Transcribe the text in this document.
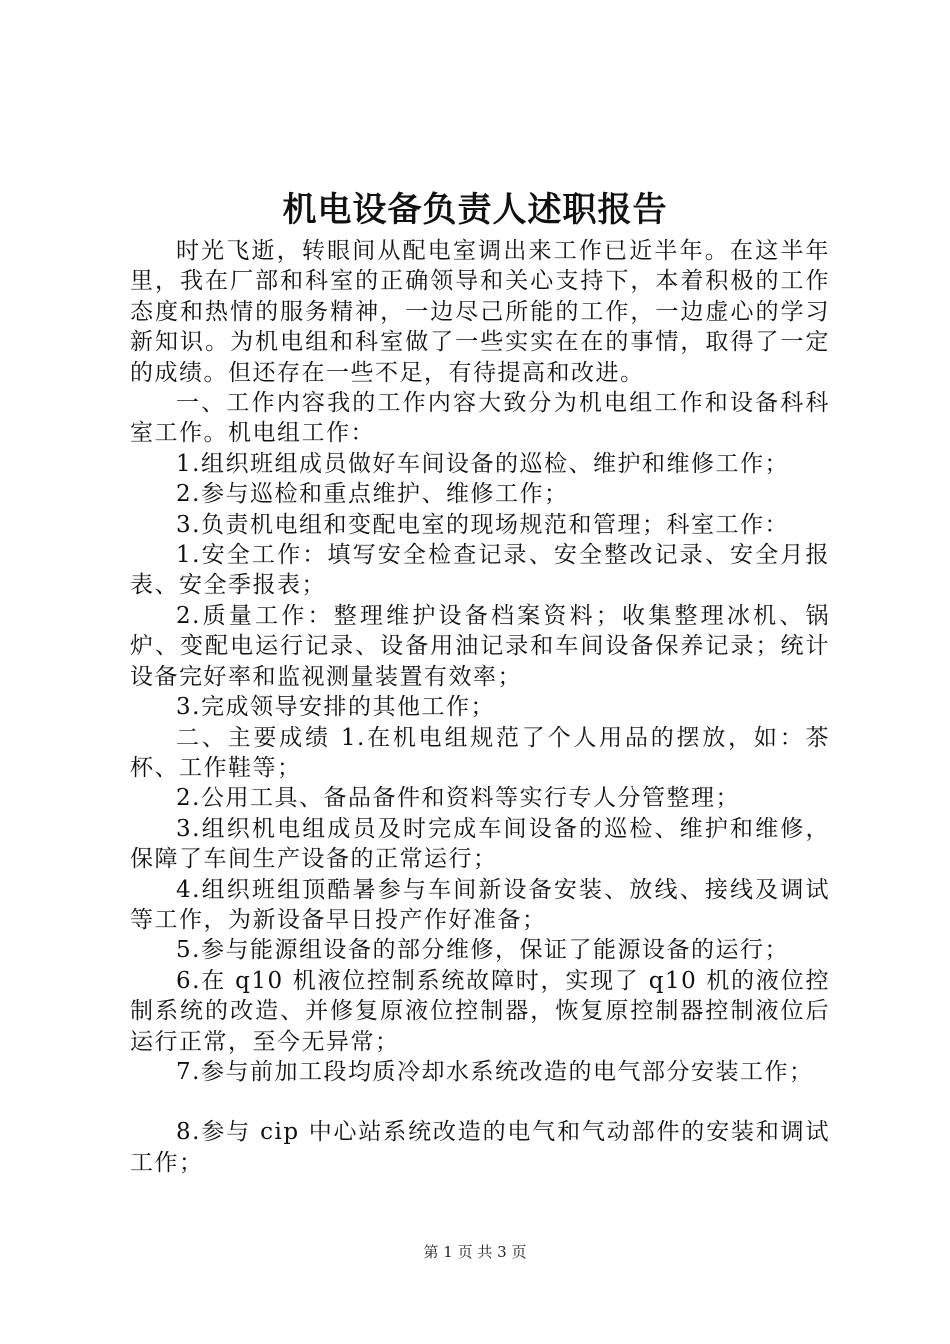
机电设备负责人述职报告

时光飞逝，转眼间从配电室调出来工作已近半年。在这半年里，我在厂部和科室的正确领导和关心支持下，本着积极的工作态度和热情的服务精神，一边尽己所能的工作，一边虚心的学习新知识。为机电组和科室做了一些实实在在的事情，取得了一定的成绩。但还存在一些不足，有待提高和改进。

一、工作内容我的工作内容大致分为机电组工作和设备科科室工作。机电组工作：

1.组织班组成员做好车间设备的巡检、维护和维修工作；

2.参与巡检和重点维护、维修工作；

3.负责机电组和变配电室的现场规范和管理；科室工作：

1.安全工作：填写安全检查记录、安全整改记录、安全月报表、安全季报表；

2.质量工作：整理维护设备档案资料；收集整理冰机、锅炉、变配电运行记录、设备用油记录和车间设备保养记录；统计设备完好率和监视测量装置有效率；

3.完成领导安排的其他工作；

二、主要成绩 1.在机电组规范了个人用品的摆放，如：茶杯、工作鞋等；

2.公用工具、备品备件和资料等实行专人分管整理；

3.组织机电组成员及时完成车间设备的巡检、维护和维修，保障了车间生产设备的正常运行；

4.组织班组顶酷暑参与车间新设备安装、放线、接线及调试等工作，为新设备早日投产作好准备；

5.参与能源组设备的部分维修，保证了能源设备的运行；

6.在 q10 机液位控制系统故障时，实现了 q10 机的液位控制系统的改造、并修复原液位控制器，恢复原控制器控制液位后运行正常，至今无异常；

7.参与前加工段均质冷却水系统改造的电气部分安装工作；

8.参与 cip 中心站系统改造的电气和气动部件的安装和调试工作；

第 1 页 共 3 页
